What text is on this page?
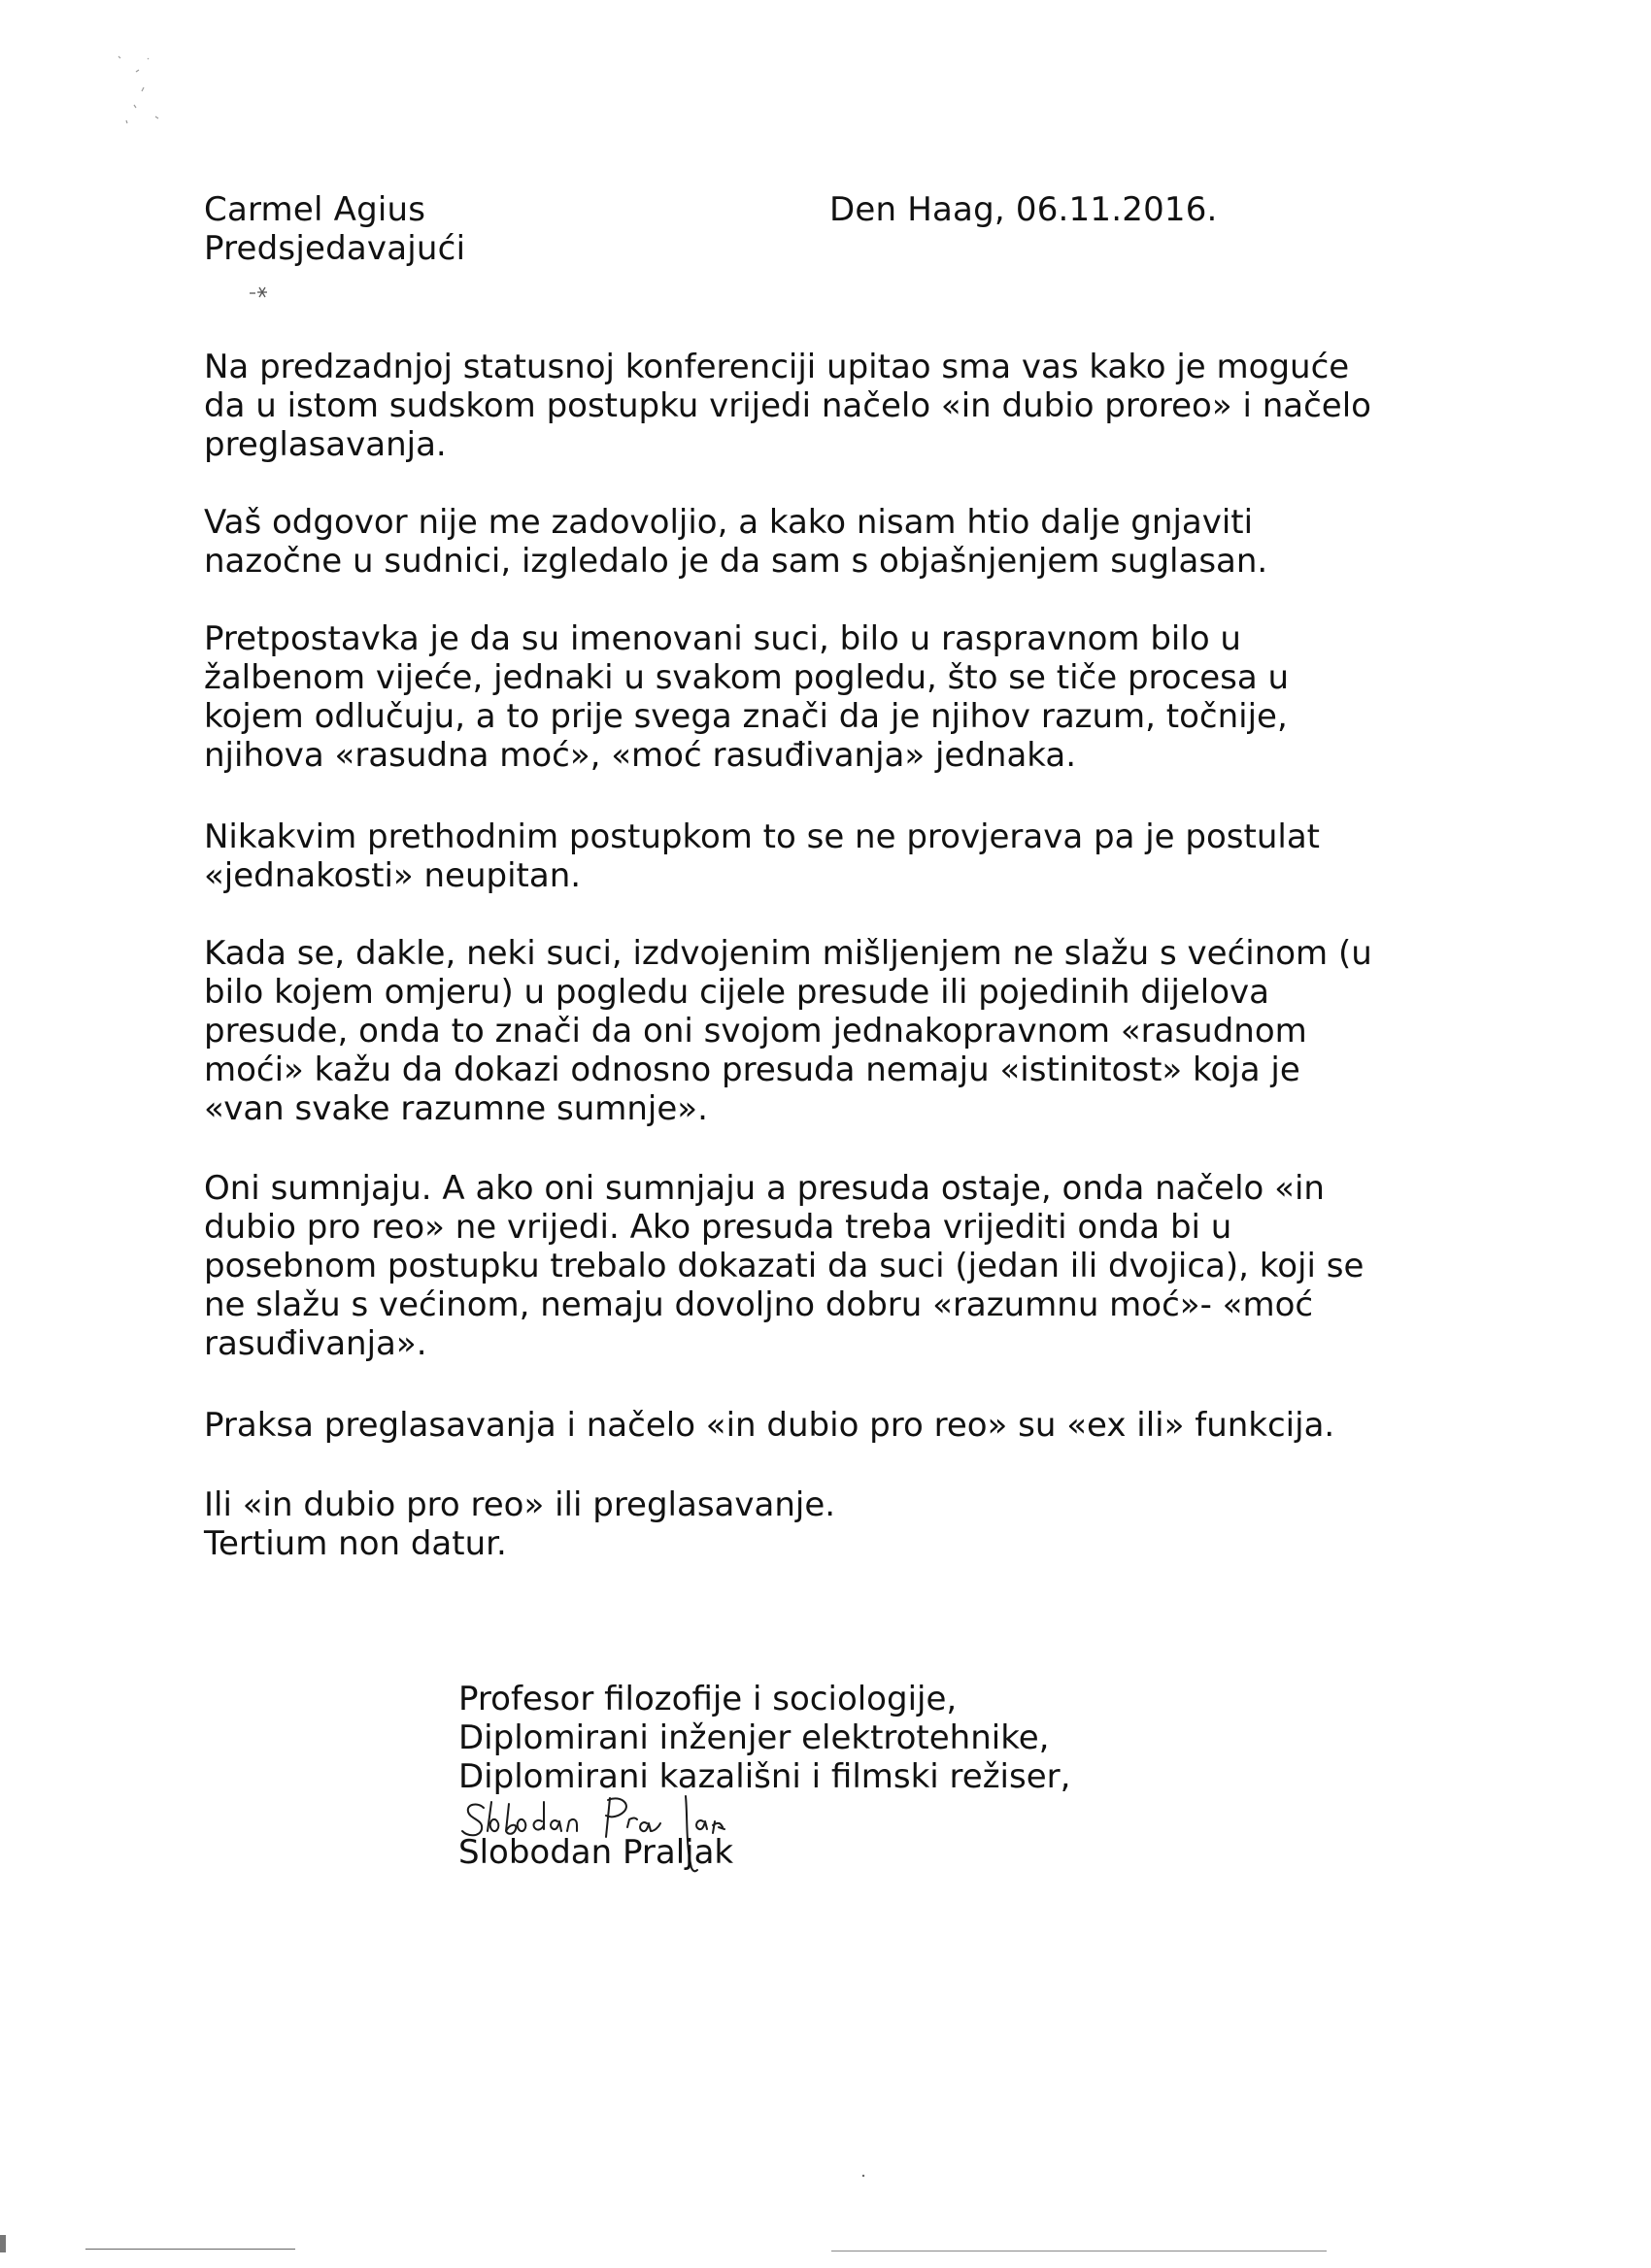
Carmel Agius
Predsjedavajući
Den Haag, 06.11.2016.
Na predzadnjoj statusnoj konferenciji upitao sma vas kako je moguće
da u istom sudskom postupku vrijedi načelo «in dubio proreo» i načelo
preglasavanja.
Vaš odgovor nije me zadovoljio, a kako nisam htio dalje gnjaviti
nazočne u sudnici, izgledalo je da sam s objašnjenjem suglasan.
Pretpostavka je da su imenovani suci, bilo u raspravnom bilo u
žalbenom vijeće, jednaki u svakom pogledu, što se tiče procesa u
kojem odlučuju, a to prije svega znači da je njihov razum, točnije,
njihova «rasudna moć», «moć rasuđivanja» jednaka.
Nikakvim prethodnim postupkom to se ne provjerava pa je postulat
«jednakosti» neupitan.
Kada se, dakle, neki suci, izdvojenim mišljenjem ne slažu s većinom (u
bilo kojem omjeru) u pogledu cijele presude ili pojedinih dijelova
presude, onda to znači da oni svojom jednakopravnom «rasudnom
moći» kažu da dokazi odnosno presuda nemaju «istinitost» koja je
«van svake razumne sumnje».
Oni sumnjaju. A ako oni sumnjaju a presuda ostaje, onda načelo «in
dubio pro reo» ne vrijedi. Ako presuda treba vrijediti onda bi u
posebnom postupku trebalo dokazati da suci (jedan ili dvojica), koji se
ne slažu s većinom, nemaju dovoljno dobru «razumnu moć»- «moć
rasuđivanja».
Praksa preglasavanja i načelo «in dubio pro reo» su «ex ili» funkcija.
Ili «in dubio pro reo» ili preglasavanje.
Tertium non datur.
Profesor filozofije i sociologije,
Diplomirani inženjer elektrotehnike,
Diplomirani kazališni i filmski režiser,
Slobodan Praljak
